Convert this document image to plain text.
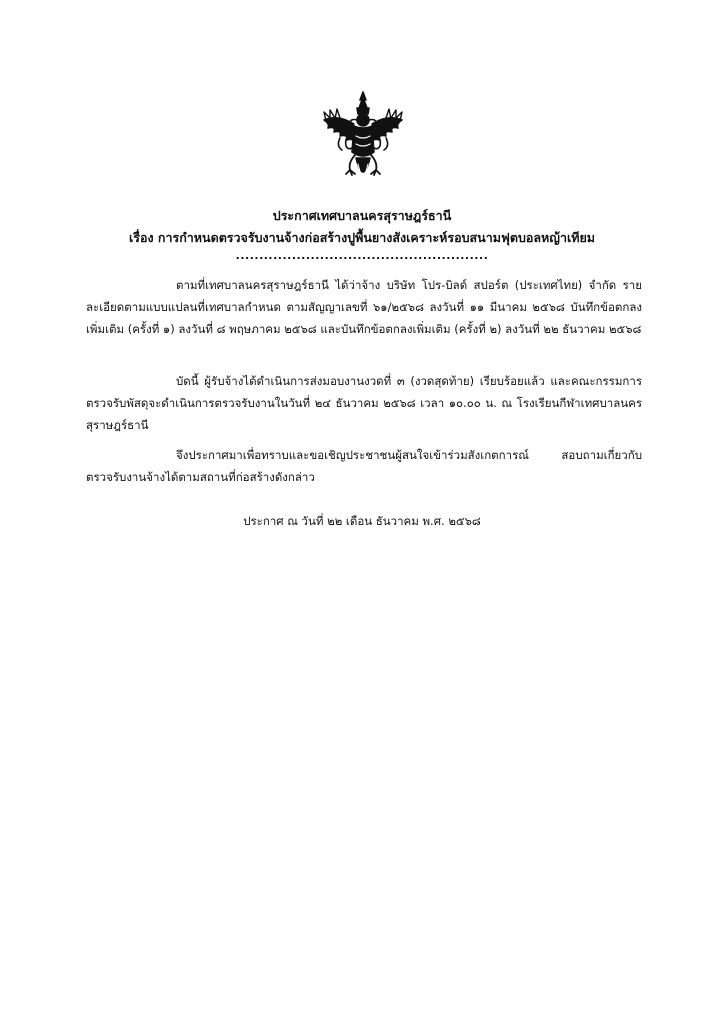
ประกาศเทศบาลนครสุราษฎร์ธานี
เรื่อง การกำหนดตรวจรับงานจ้างก่อสร้างปูพื้นยางสังเคราะห์รอบสนามฟุตบอลหญ้าเทียม
......................................................

ตามที่เทศบาลนครสุราษฎร์ธานี ได้ว่าจ้าง บริษัท โปร-บิลด์ สปอร์ต (ประเทศไทย) จำกัด รายละเอียดตามแบบแปลนที่เทศบาลกำหนด ตามสัญญาเลขที่ ๖๑/๒๕๖๘ ลงวันที่ ๑๑ มีนาคม ๒๕๖๘ บันทึกข้อตกลงเพิ่มเติม (ครั้งที่ ๑) ลงวันที่ ๘ พฤษภาคม ๒๕๖๘ และบันทึกข้อตกลงเพิ่มเติม (ครั้งที่ ๒) ลงวันที่ ๒๒ ธันวาคม ๒๕๖๘

บัดนี้ ผู้รับจ้างได้ดำเนินการส่งมอบงานงวดที่ ๓ (งวดสุดท้าย) เรียบร้อยแล้ว และคณะกรรมการตรวจรับพัสดุจะดำเนินการตรวจรับงานในวันที่ ๒๔ ธันวาคม ๒๕๖๘ เวลา ๑๐.๐๐ น. ณ โรงเรียนกีฬาเทศบาลนครสุราษฎร์ธานี

จึงประกาศมาเพื่อทราบและขอเชิญประชาชนผู้สนใจเข้าร่วมสังเกตการณ์ สอบถามเกี่ยวกับ ตรวจรับงานจ้างได้ตามสถานที่ก่อสร้างดังกล่าว

ประกาศ ณ วันที่ ๒๒ เดือน ธันวาคม พ.ศ. ๒๕๖๘
